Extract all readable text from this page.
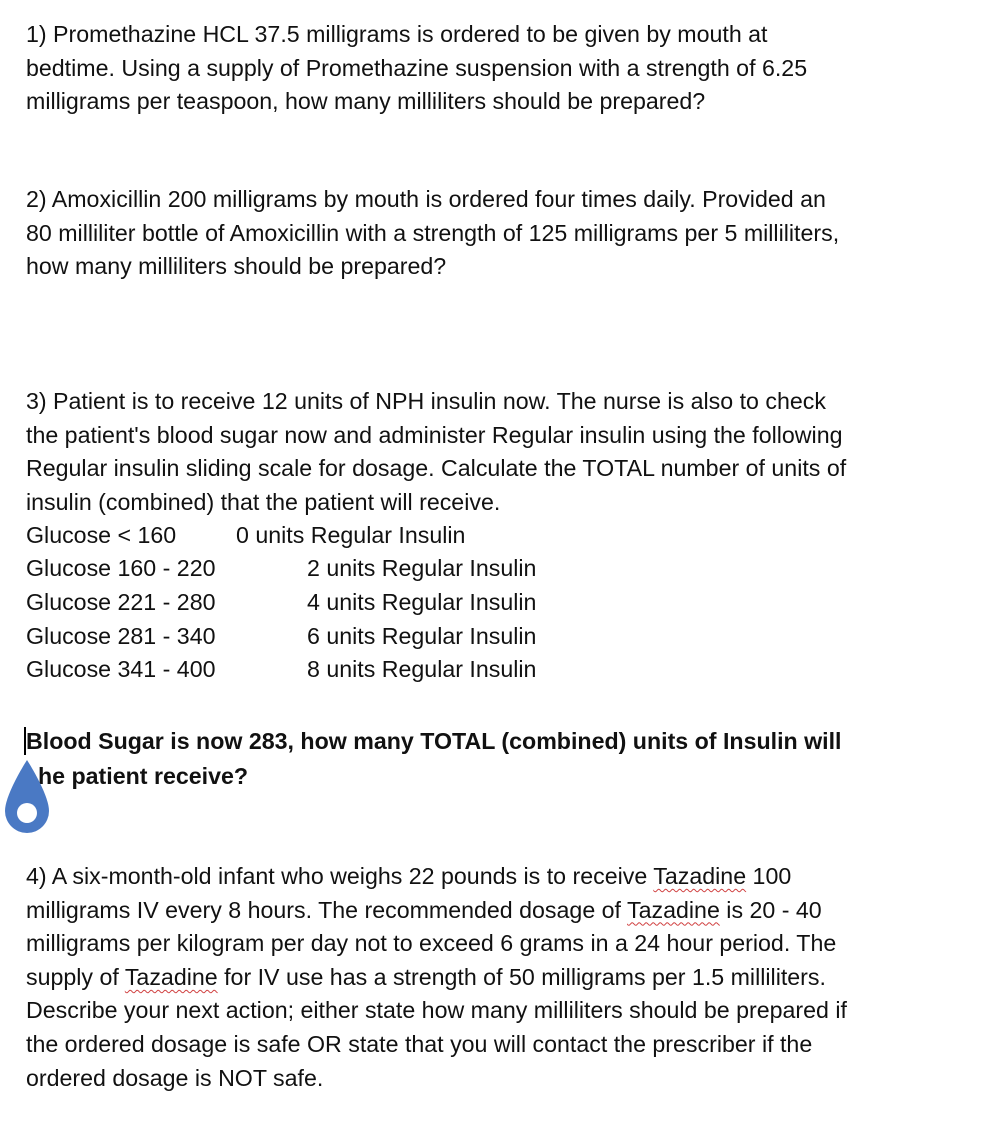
1) Promethazine HCL 37.5 milligrams is ordered to be given by mouth at
bedtime. Using a supply of Promethazine suspension with a strength of 6.25
milligrams per teaspoon, how many milliliters should be prepared?
2) Amoxicillin 200 milligrams by mouth is ordered four times daily. Provided an
80 milliliter bottle of Amoxicillin with a strength of 125 milligrams per 5 milliliters,
how many milliliters should be prepared?
3) Patient is to receive 12 units of NPH insulin now. The nurse is also to check
the patient's blood sugar now and administer Regular insulin using the following
Regular insulin sliding scale for dosage. Calculate the TOTAL number of units of
insulin (combined) that the patient will receive.
Glucose < 160	0 units Regular Insulin
Glucose 160 - 220	2 units Regular Insulin
Glucose 221 - 280	4 units Regular Insulin
Glucose 281 - 340	6 units Regular Insulin
Glucose 341 - 400	8 units Regular Insulin
Blood Sugar is now 283, how many TOTAL (combined) units of Insulin will
he patient receive?
4) A six-month-old infant who weighs 22 pounds is to receive Tazadine 100
milligrams IV every 8 hours. The recommended dosage of Tazadine is 20 - 40
milligrams per kilogram per day not to exceed 6 grams in a 24 hour period. The
supply of Tazadine for IV use has a strength of 50 milligrams per 1.5 milliliters.
Describe your next action; either state how many milliliters should be prepared if
the ordered dosage is safe OR state that you will contact the prescriber if the
ordered dosage is NOT safe.
